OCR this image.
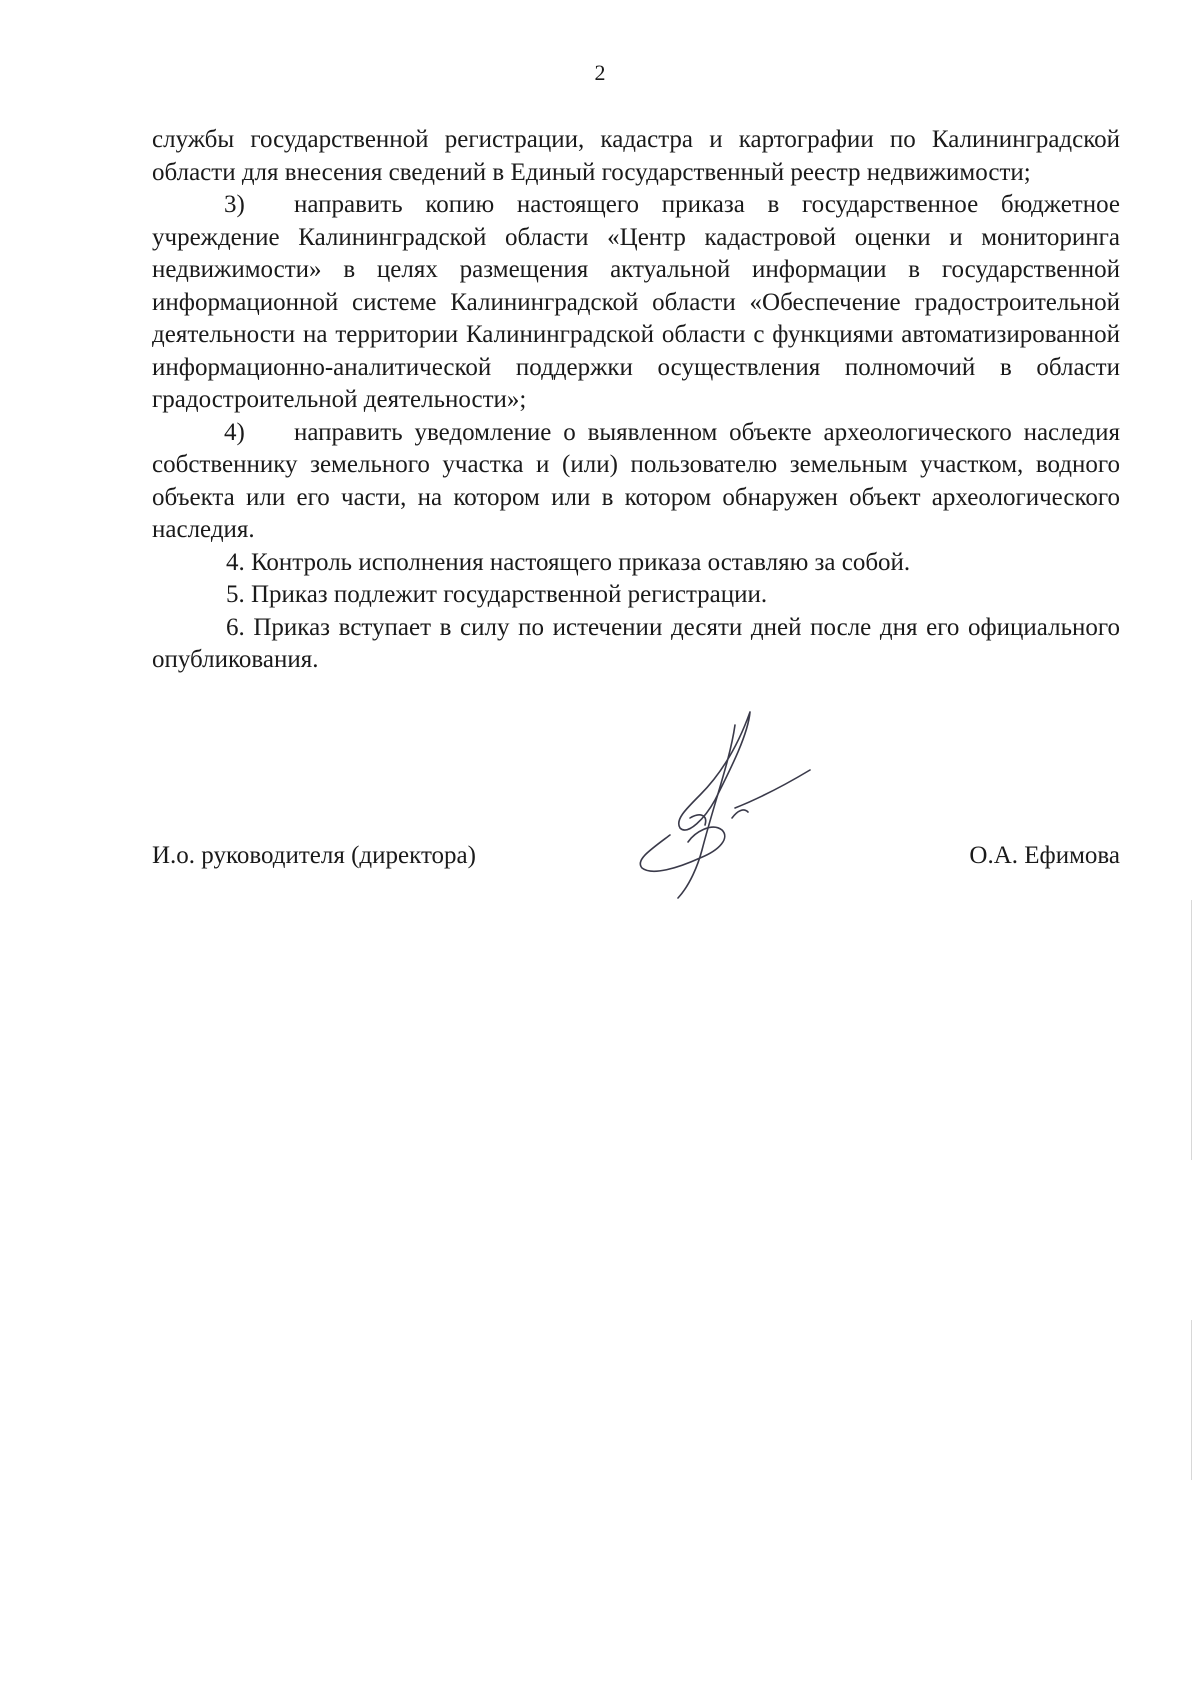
2

службы государственной регистрации, кадастра и картографии по Калининградской области для внесения сведений в Единый государственный реестр недвижимости;

3) направить копию настоящего приказа в государственное бюджетное учреждение Калининградской области «Центр кадастровой оценки и мониторинга недвижимости» в целях размещения актуальной информации в государственной информационной системе Калининградской области «Обеспечение градостроительной деятельности на территории Калининградской области с функциями автоматизированной информационно-аналитической поддержки осуществления полномочий в области градостроительной деятельности»;

4) направить уведомление о выявленном объекте археологического наследия собственнику земельного участка и (или) пользователю земельным участком, водного объекта или его части, на котором или в котором обнаружен объект археологического наследия.

4. Контроль исполнения настоящего приказа оставляю за собой.

5. Приказ подлежит государственной регистрации.

6. Приказ вступает в силу по истечении десяти дней после дня его официального опубликования.

И.о. руководителя (директора)	О.А. Ефимова
